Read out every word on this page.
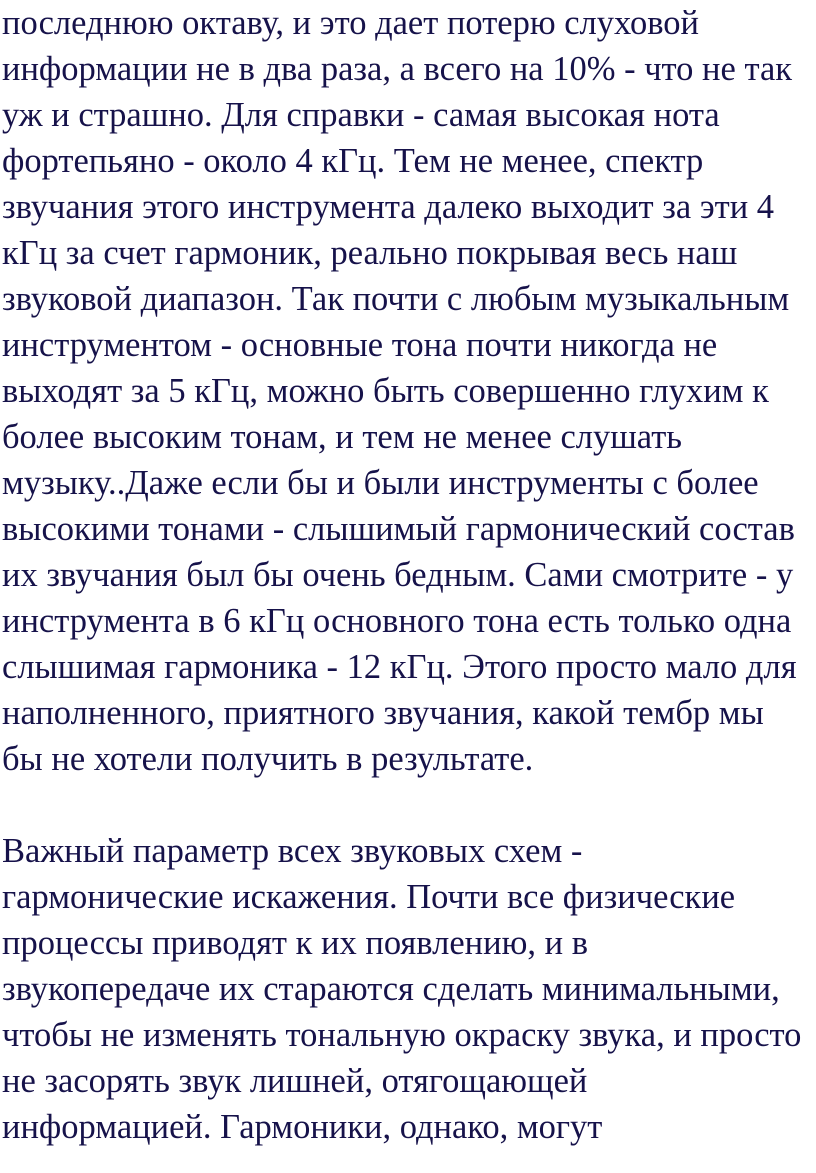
последнюю октаву, и это дает потерю слуховой

информации не в два раза, а всего на 10% - что не так

уж и страшно. Для справки - самая высокая нота

фортепьяно - около 4 кГц. Тем не менее, спектр

звучания этого инструмента далеко выходит за эти 4

кГц за счет гармоник, реально покрывая весь наш

звуковой диапазон. Так почти с любым музыкальным

инструментом - основные тона почти никогда не

выходят за 5 кГц, можно быть совершенно глухим к

более высоким тонам, и тем не менее слушать

музыку..Даже если бы и были инструменты с более

высокими тонами - слышимый гармонический состав

их звучания был бы очень бедным. Сами смотрите - у

инструмента в 6 кГц основного тона есть только одна

слышимая гармоника - 12 кГц. Этого просто мало для

наполненного, приятного звучания, какой тембр мы

бы не хотели получить в результате.

Важный параметр всех звуковых схем -

гармонические искажения. Почти все физические

процессы приводят к их появлению, и в

звукопередаче их стараются сделать минимальными,

чтобы не изменять тональную окраску звука, и просто

не засорять звук лишней, отягощающей

информацией. Гармоники, однако, могут
